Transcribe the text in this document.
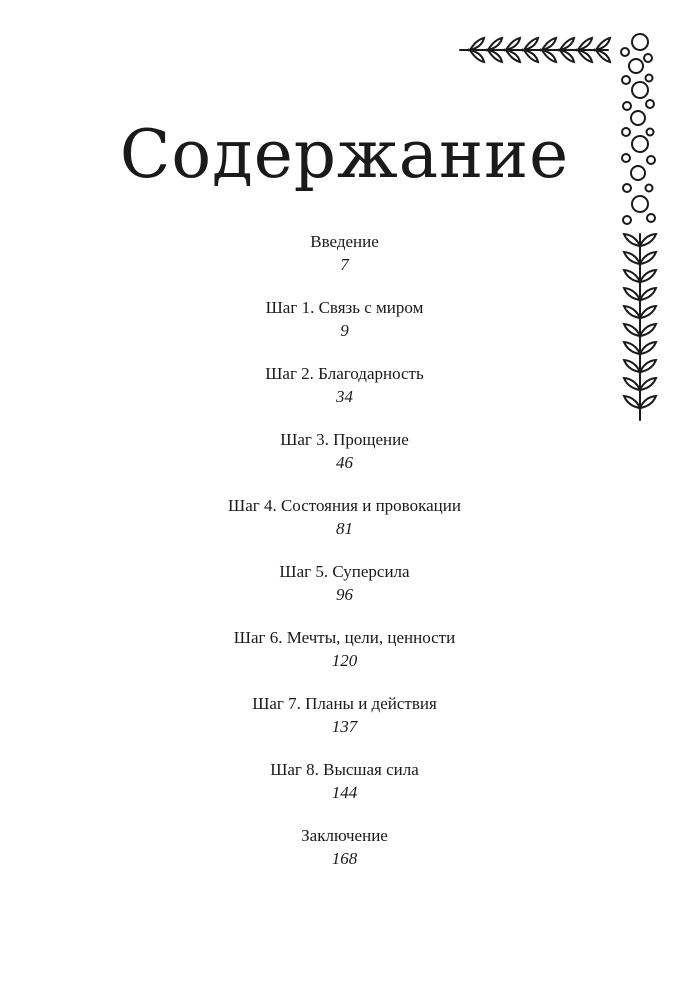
Содержание
Введение
7
Шаг 1. Связь с миром
9
Шаг 2. Благодарность
34
Шаг 3. Прощение
46
Шаг 4. Состояния и провокации
81
Шаг 5. Суперсила
96
Шаг 6. Мечты, цели, ценности
120
Шаг 7. Планы и действия
137
Шаг 8. Высшая сила
144
Заключение
168
